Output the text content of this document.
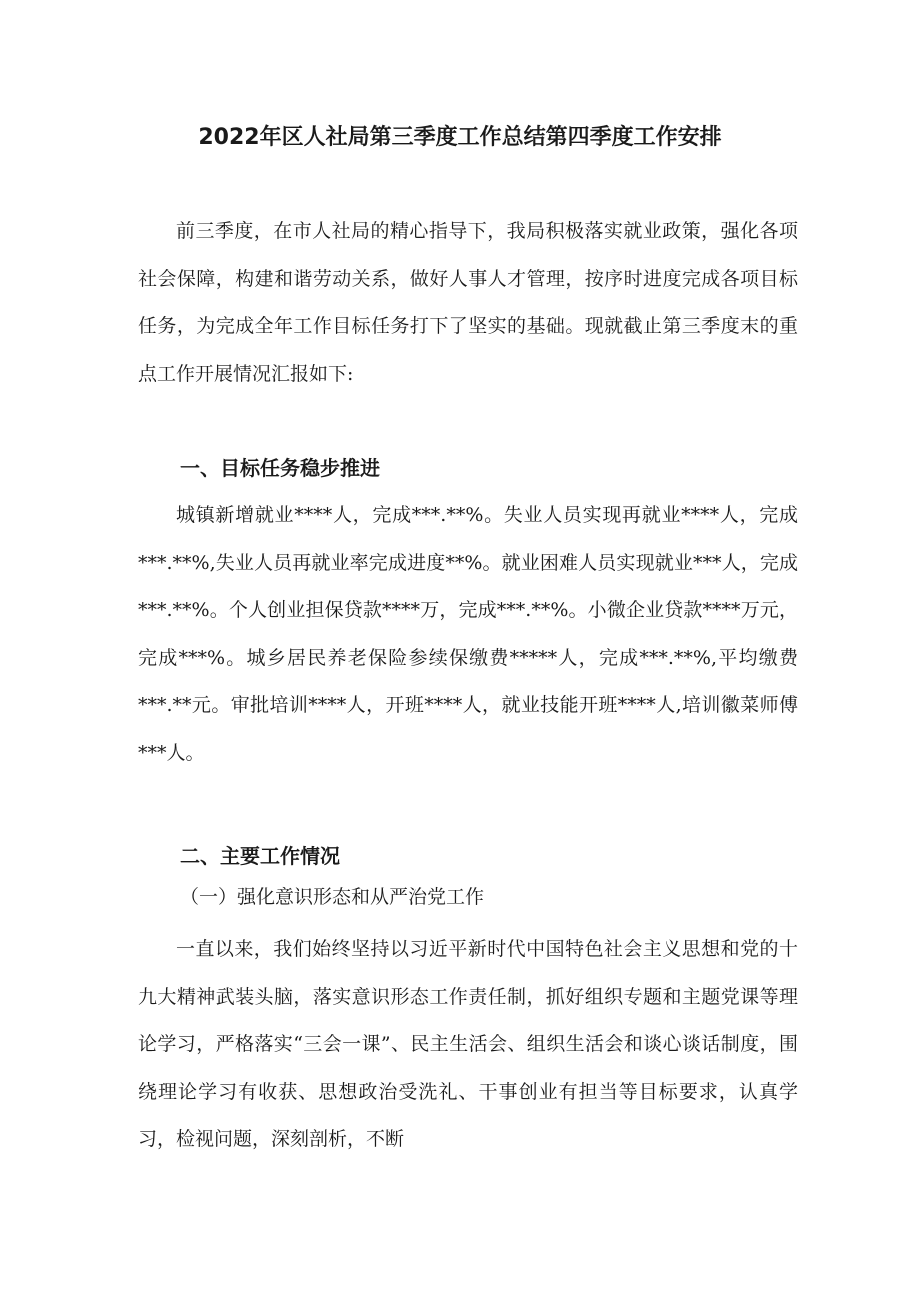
2022年区人社局第三季度工作总结第四季度工作安排

前三季度，在市人社局的精心指导下，我局积极落实就业政策，强化各项社会保障，构建和谐劳动关系，做好人事人才管理，按序时进度完成各项目标任务，为完成全年工作目标任务打下了坚实的基础。现就截止第三季度末的重点工作开展情况汇报如下:

一、目标任务稳步推进

城镇新增就业****人，完成***.**%。失业人员实现再就业****人，完成***.**%,失业人员再就业率完成进度**%。就业困难人员实现就业***人，完成***.**%。个人创业担保贷款****万，完成***.**%。小微企业贷款****万元，完成***%。城乡居民养老保险参续保缴费*****人，完成***.**%,平均缴费***.**元。审批培训****人，开班****人，就业技能开班****人,培训徽菜师傅***人。

二、主要工作情况

（一）强化意识形态和从严治党工作

一直以来，我们始终坚持以习近平新时代中国特色社会主义思想和党的十九大精神武装头脑，落实意识形态工作责任制，抓好组织专题和主题党课等理论学习，严格落实“三会一课”、民主生活会、组织生活会和谈心谈话制度，围绕理论学习有收获、思想政治受洗礼、干事创业有担当等目标要求，认真学习，检视问题，深刻剖析，不断
